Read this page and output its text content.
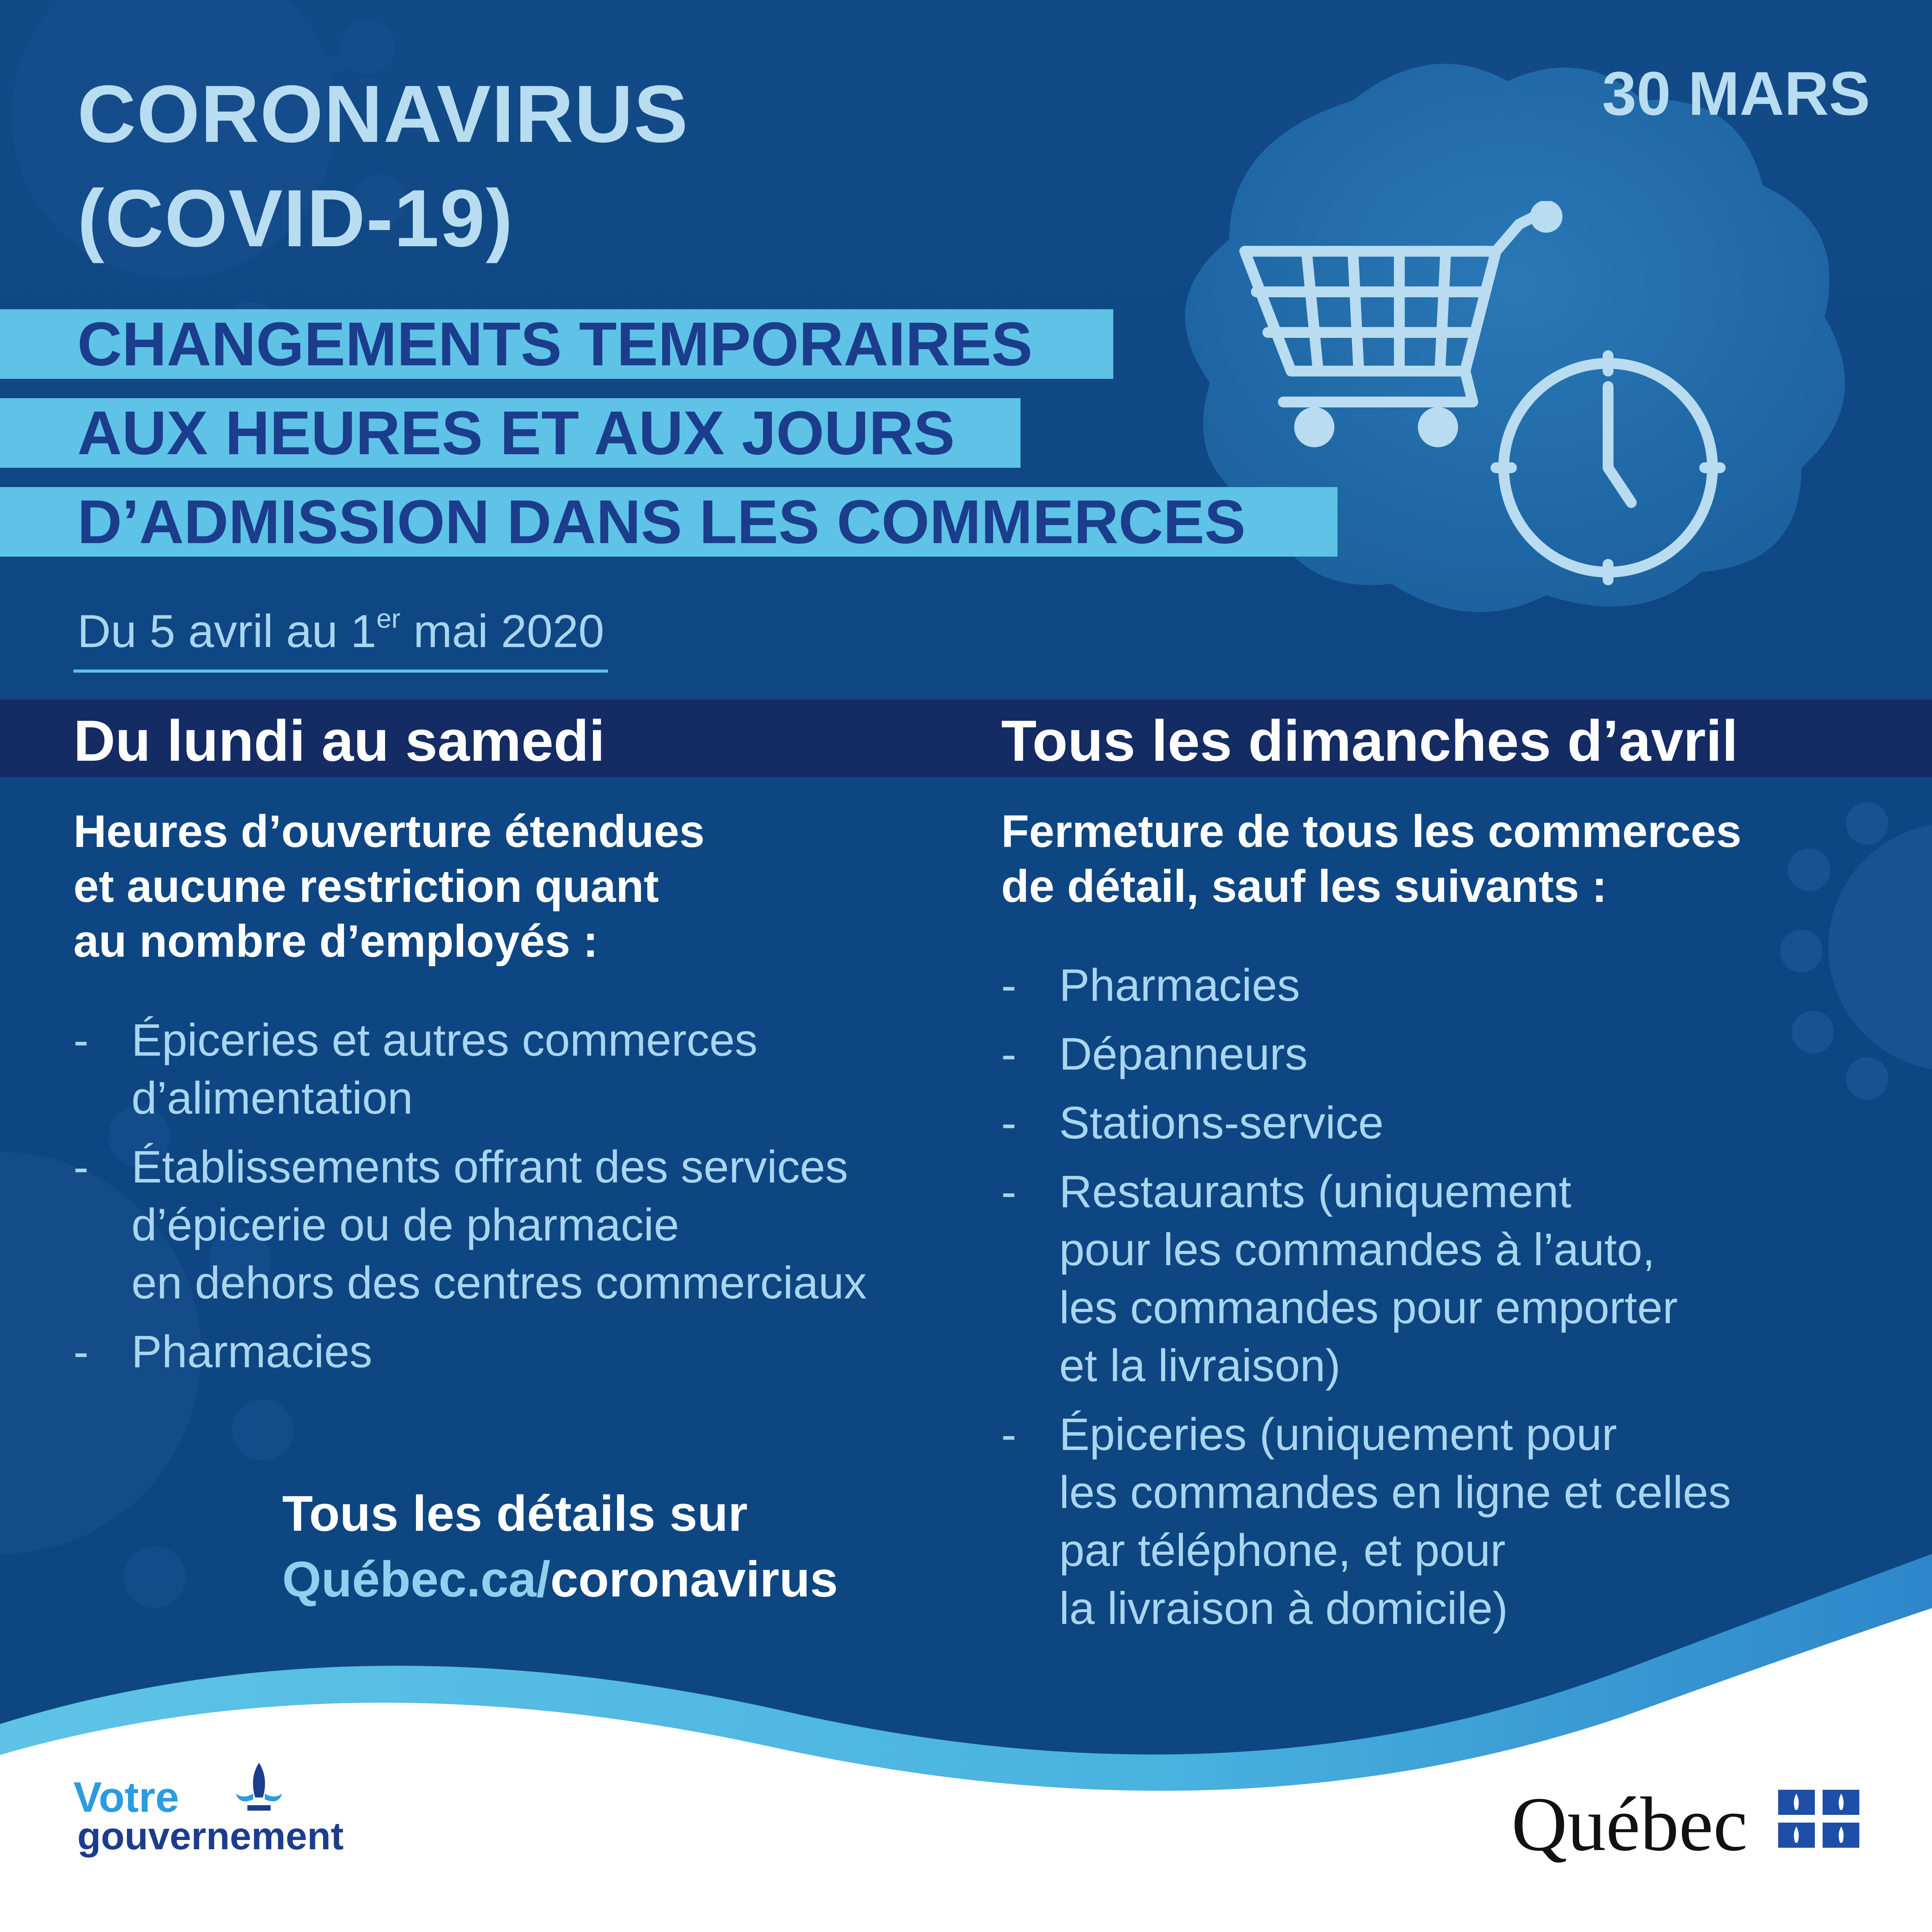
CORONAVIRUS
(COVID-19)
30 MARS
CHANGEMENTS TEMPORAIRES
AUX HEURES ET AUX JOURS
D’ADMISSION DANS LES COMMERCES
Du 5 avril au 1er mai 2020
Du lundi au samedi	Tous les dimanches d’avril
Heures d’ouverture étendues
et aucune restriction quant
au nombre d’employés :
- Épiceries et autres commerces
d’alimentation
- Établissements offrant des services
d’épicerie ou de pharmacie
en dehors des centres commerciaux
- Pharmacies
Fermeture de tous les commerces
de détail, sauf les suivants :
- Pharmacies
- Dépanneurs
- Stations-service
- Restaurants (uniquement
pour les commandes à l’auto,
les commandes pour emporter
et la livraison)
- Épiceries (uniquement pour
les commandes en ligne et celles
par téléphone, et pour
la livraison à domicile)
Tous les détails sur
Québec.ca/coronavirus
Votre
gouvernement	Québec
